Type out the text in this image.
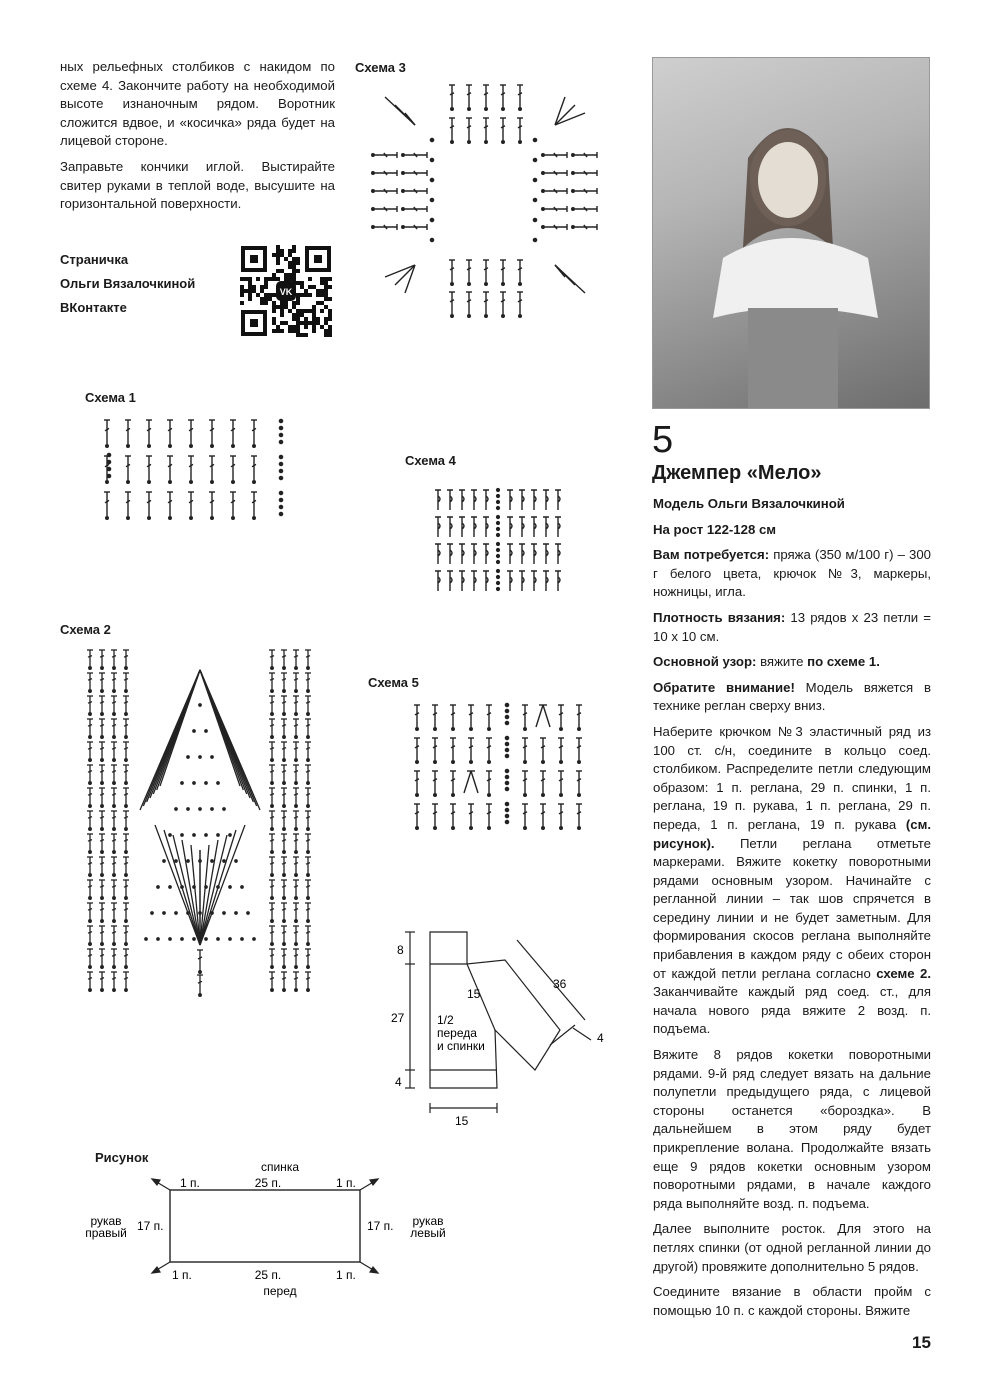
ных рельефных столбиков с накидом по схеме 4. Закончите работу на необходимой высоте изнаночным рядом. Воротник сложится вдвое, и «косичка» ряда будет на лицевой стороне.

Заправьте кончики иглой. Выстирайте свитер руками в теплой воде, высушите на горизонтальной поверхности.

Страничка
Ольги Вязалочкиной
ВКонтакте
VK
Схема 3
Схема 1
Схема 4
Схема 2
Схема 5
8
27
4
15
15
36
4
1/2 переда и спинки
Рисунок
спинка
25 п.
1 п.	1 п.
25 п.
перед
1 п.	1 п.
17 п.	17 п.
рукав правый
рукав левый
5
Джемпер «Мело»

Модель Ольги Вязалочкиной

На рост 122-128 см

Вам потребуется: пряжа (350 м/100 г) – 300 г белого цвета, крючок №3, маркеры, ножницы, игла.

Плотность вязания: 13 рядов х 23 петли = 10 х 10 см.

Основной узор: вяжите по схеме 1.

Обратите внимание! Модель вяжется в технике реглан сверху вниз.

Наберите крючком №3 эластичный ряд из 100 ст. с/н, соедините в кольцо соед. столбиком. Распределите петли следующим образом: 1 п. реглана, 29 п. спинки, 1 п. реглана, 19 п. рукава, 1 п. реглана, 29 п. переда, 1 п. реглана, 19 п. рукава (см. рисунок). Петли реглана отметьте маркерами. Вяжите кокетку поворотными рядами основным узором. Начинайте с регланной линии – так шов спрячется в середину линии и не будет заметным. Для формирования скосов реглана выполняйте прибавления в каждом ряду с обеих сторон от каждой петли реглана согласно схеме 2. Заканчивайте каждый ряд соед. ст., для начала нового ряда вяжите 2 возд. п. подъема.

Вяжите 8 рядов кокетки поворотными рядами. 9-й ряд следует вязать на дальние полупетли предыдущего ряда, с лицевой стороны останется «бороздка». В дальнейшем в этом ряду будет прикрепление волана. Продолжайте вязать еще 9 рядов кокетки основным узором поворотными рядами, в начале каждого ряда выполняйте возд. п. подъема.

Далее выполните росток. Для этого на петлях спинки (от одной регланной линии до другой) провяжите дополнительно 5 рядов.

Соедините вязание в области пройм с помощью 10 п. с каждой стороны. Вяжите

15
